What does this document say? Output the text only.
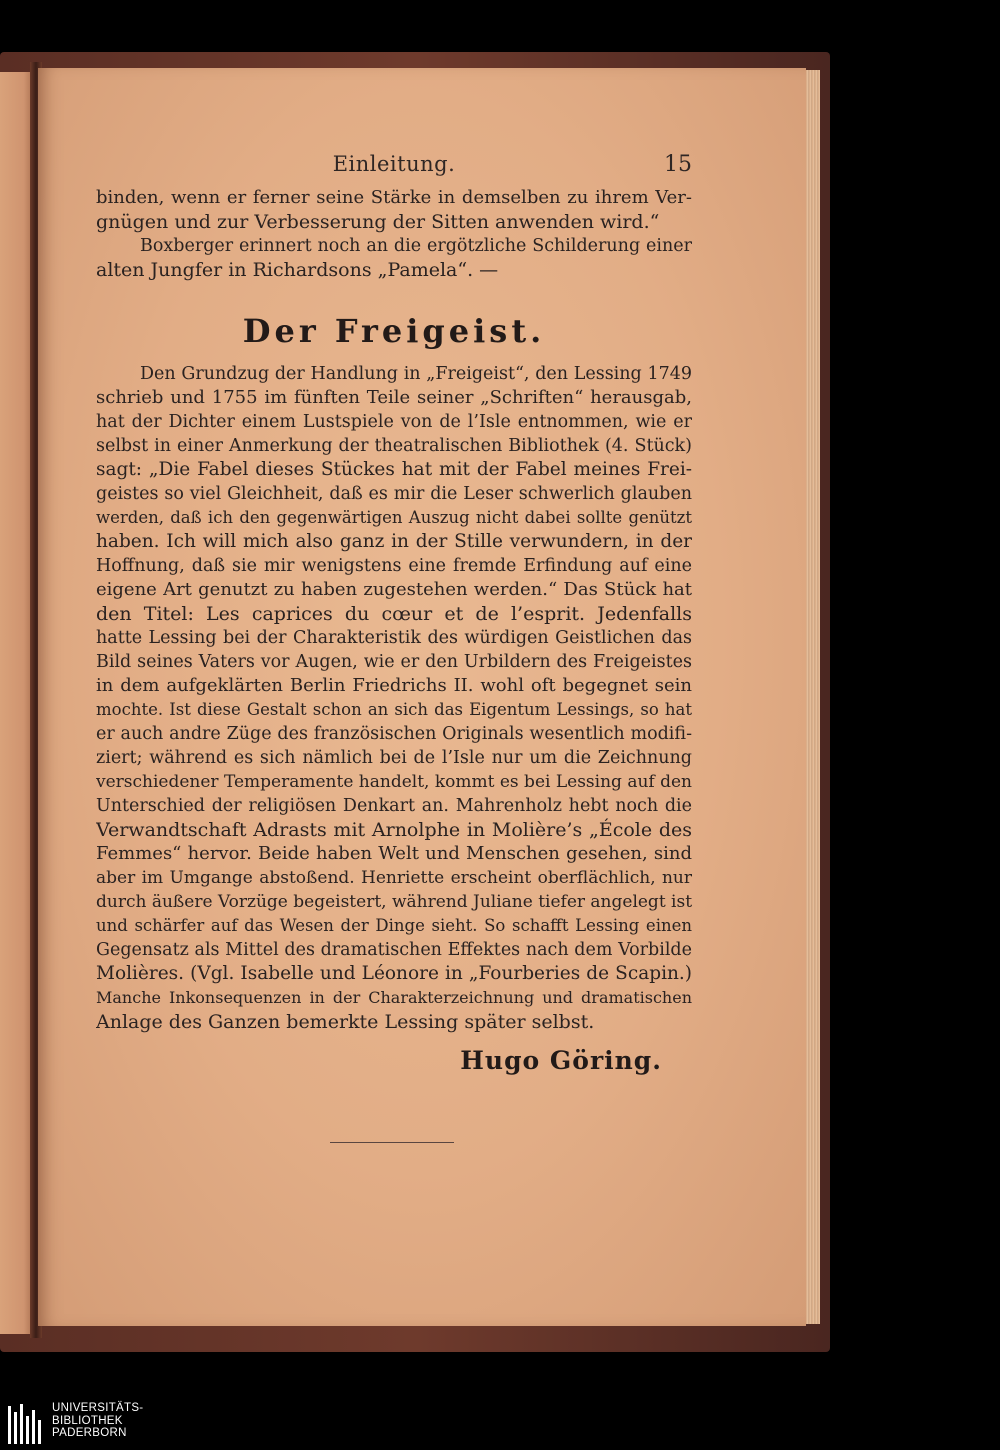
Einleitung.	15
binden, wenn er ferner seine Stärke in demselben zu ihrem Ver-
gnügen und zur Verbesserung der Sitten anwenden wird.“
Boxberger erinnert noch an die ergötzliche Schilderung einer
alten Jungfer in Richardsons „Pamela“. —
Der Freigeist.
Den Grundzug der Handlung in „Freigeist“, den Lessing 1749
schrieb und 1755 im fünften Teile seiner „Schriften“ herausgab,
hat der Dichter einem Lustspiele von de l’Isle entnommen, wie er
selbst in einer Anmerkung der theatralischen Bibliothek (4. Stück)
sagt: „Die Fabel dieses Stückes hat mit der Fabel meines Frei-
geistes so viel Gleichheit, daß es mir die Leser schwerlich glauben
werden, daß ich den gegenwärtigen Auszug nicht dabei sollte genützt
haben. Ich will mich also ganz in der Stille verwundern, in der
Hoffnung, daß sie mir wenigstens eine fremde Erfindung auf eine
eigene Art genutzt zu haben zugestehen werden.“ Das Stück hat
den Titel: Les caprices du cœur et de l’esprit. Jedenfalls
hatte Lessing bei der Charakteristik des würdigen Geistlichen das
Bild seines Vaters vor Augen, wie er den Urbildern des Freigeistes
in dem aufgeklärten Berlin Friedrichs II. wohl oft begegnet sein
mochte. Ist diese Gestalt schon an sich das Eigentum Lessings, so hat
er auch andre Züge des französischen Originals wesentlich modifi-
ziert; während es sich nämlich bei de l’Isle nur um die Zeichnung
verschiedener Temperamente handelt, kommt es bei Lessing auf den
Unterschied der religiösen Denkart an. Mahrenholz hebt noch die
Verwandtschaft Adrasts mit Arnolphe in Molière’s „École des
Femmes“ hervor. Beide haben Welt und Menschen gesehen, sind
aber im Umgange abstoßend. Henriette erscheint oberflächlich, nur
durch äußere Vorzüge begeistert, während Juliane tiefer angelegt ist
und schärfer auf das Wesen der Dinge sieht. So schafft Lessing einen
Gegensatz als Mittel des dramatischen Effektes nach dem Vorbilde
Molières. (Vgl. Isabelle und Léonore in „Fourberies de Scapin.)
Manche Inkonsequenzen in der Charakterzeichnung und dramatischen
Anlage des Ganzen bemerkte Lessing später selbst.
Hugo Göring.
UNIVERSITÄTS-
BIBLIOTHEK
PADERBORN
